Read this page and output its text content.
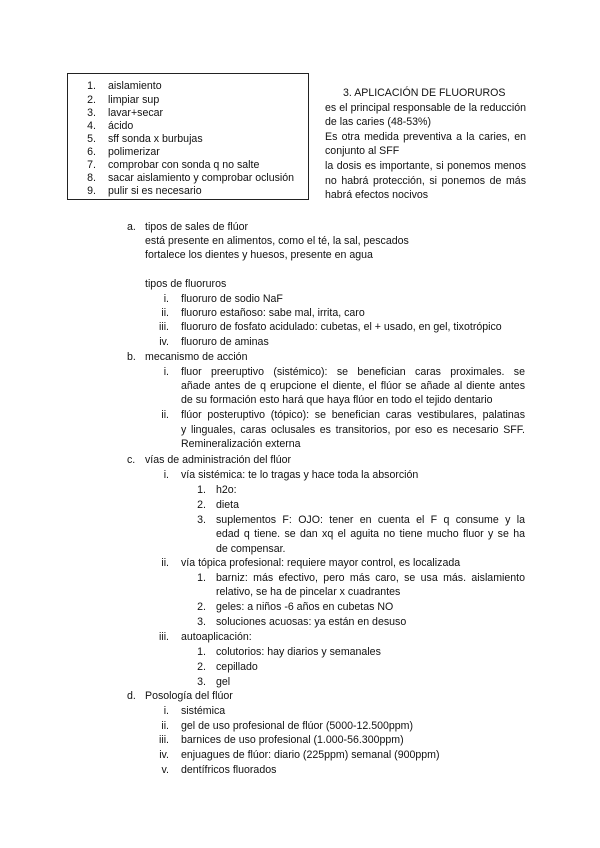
1. aislamiento
2. limpiar sup
3. lavar+secar
4. ácido
5. sff sonda x burbujas
6. polimerizar
7. comprobar con sonda q no salte
8. sacar aislamiento y comprobar oclusión
9. pulir si es necesario
3. APLICACIÓN DE FLUORUROS

es el principal responsable de la reducción de las caries (48-53%)

Es otra medida preventiva a la caries, en conjunto al SFF

la dosis es importante, si ponemos menos no habrá protección, si ponemos de más habrá efectos nocivos

a. tipos de sales de flúor
está presente en alimentos, como el té, la sal, pescados
fortalece los dientes y huesos, presente en agua
tipos de fluoruros
i. fluoruro de sodio NaF
ii. fluoruro estañoso: sabe mal, irrita, caro
iii. fluoruro de fosfato acidulado: cubetas, el + usado, en gel, tixotrópico
iv. fluoruro de aminas
b. mecanismo de acción
i. fluor preeruptivo (sistémico): se benefician caras proximales. se
añade antes de q erupcione el diente, el flúor se añade al diente antes
de su formación esto hará que haya flúor en todo el tejido dentario
ii. flúor posteruptivo (tópico): se benefician caras vestibulares, palatinas
y linguales, caras oclusales es transitorios, por eso es necesario SFF.
Remineralización externa
c. vías de administración del flúor
i. vía sistémica: te lo tragas y hace toda la absorción
1. h2o:
2. dieta
3. suplementos F: OJO: tener en cuenta el F q consume y la
edad q tiene. se dan xq el aguita no tiene mucho fluor y se ha
de compensar.
ii. vía tópica profesional: requiere mayor control, es localizada
1. barniz: más efectivo, pero más caro, se usa más. aislamiento
relativo, se ha de pincelar x cuadrantes
2. geles: a niños -6 años en cubetas NO
3. soluciones acuosas: ya están en desuso
iii. autoaplicación:
1. colutorios: hay diarios y semanales
2. cepillado
3. gel
d. Posología del flúor
i. sistémica
ii. gel de uso profesional de flúor (5000-12.500ppm)
iii. barnices de uso profesional (1.000-56.300ppm)
iv. enjuagues de flúor: diario (225ppm) semanal (900ppm)
v. dentífricos fluorados
